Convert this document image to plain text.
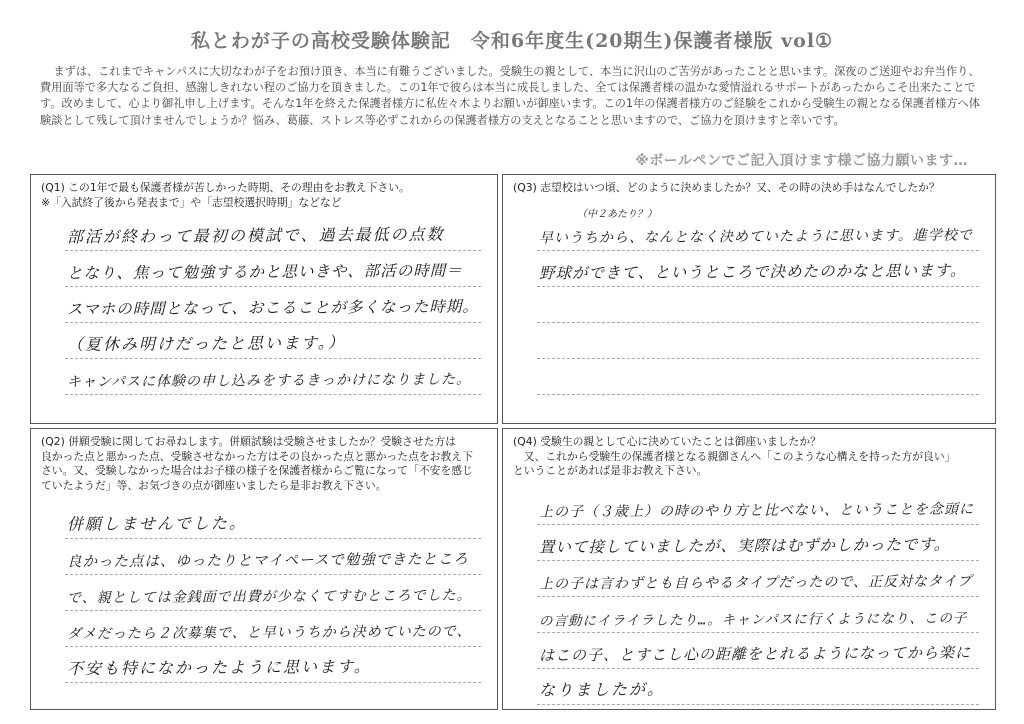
私とわが子の高校受験体験記　令和6年度生(20期生)保護者様版 vol①
まずは、これまでキャンパスに大切なわが子をお預け頂き、本当に有難うございました。受験生の親として、本当に沢山のご苦労があったことと思います。深夜のご送迎やお弁当作り、費用面等で多大なるご負担、感謝しきれない程のご協力を頂きました。この1年で彼らは本当に成長しました、全ては保護者様の温かな愛情溢れるサポートがあったからこそ出来たことです。改めまして、心より御礼申し上げます。そんな1年を終えた保護者様方に私佐々木よりお願いが御座います。この1年の保護者様方のご経験をこれから受験生の親となる保護者様方へ体験談として残して頂けませんでしょうか？悩み、葛藤、ストレス等必ずこれからの保護者様方の支えとなることと思いますので、ご協力を頂けますと幸いです。
※ボールペンでご記入頂けます様ご協力願います…

(Q1) この1年で最も保護者様が苦しかった時期、その理由をお教え下さい。

※「入試終了後から発表まで」や「志望校選択時期」などなど

部活が終わって最初の模試で、過去最低の点数
となり、焦って勉強するかと思いきや、部活の時間＝
スマホの時間となって、おこることが多くなった時期。
（夏休み明けだったと思います。）
キャンパスに体験の申し込みをするきっかけになりました。

(Q3) 志望校はいつ頃、どのように決めましたか？又、その時の決め手はなんでしたか？

（中２あたり？）
早いうちから、なんとなく決めていたように思います。進学校で
野球ができて、というところで決めたのかなと思います。

(Q2) 併願受験に関してお尋ねします。併願試験は受験させましたか？受験させた方は

良かった点と悪かった点、受験させなかった方はその良かった点と悪かった点をお教え下

さい。又、受験しなかった場合はお子様の様子を保護者様からご覧になって「不安を感じ

ていたようだ」等、お気づきの点が御座いましたら是非お教え下さい。

併願しませんでした。
良かった点は、ゆったりとマイペースで勉強できたところ
で、親としては金銭面で出費が少なくてすむところでした。
ダメだったら２次募集で、と早いうちから決めていたので、
不安も特になかったように思います。

(Q4) 受験生の親として心に決めていたことは御座いましたか？

　又、これから受験生の保護者様となる親御さんへ「このような心構えを持った方が良い」

ということがあれば是非お教え下さい。

上の子（３歳上）の時のやり方と比べない、ということを念頭に
置いて接していましたが、実際はむずかしかったです。
上の子は言わずとも自らやるタイプだったので、正反対なタイプ
の言動にイライラしたり…。キャンパスに行くようになり、この子
はこの子、とすこし心の距離をとれるようになってから楽に
なりましたが。
